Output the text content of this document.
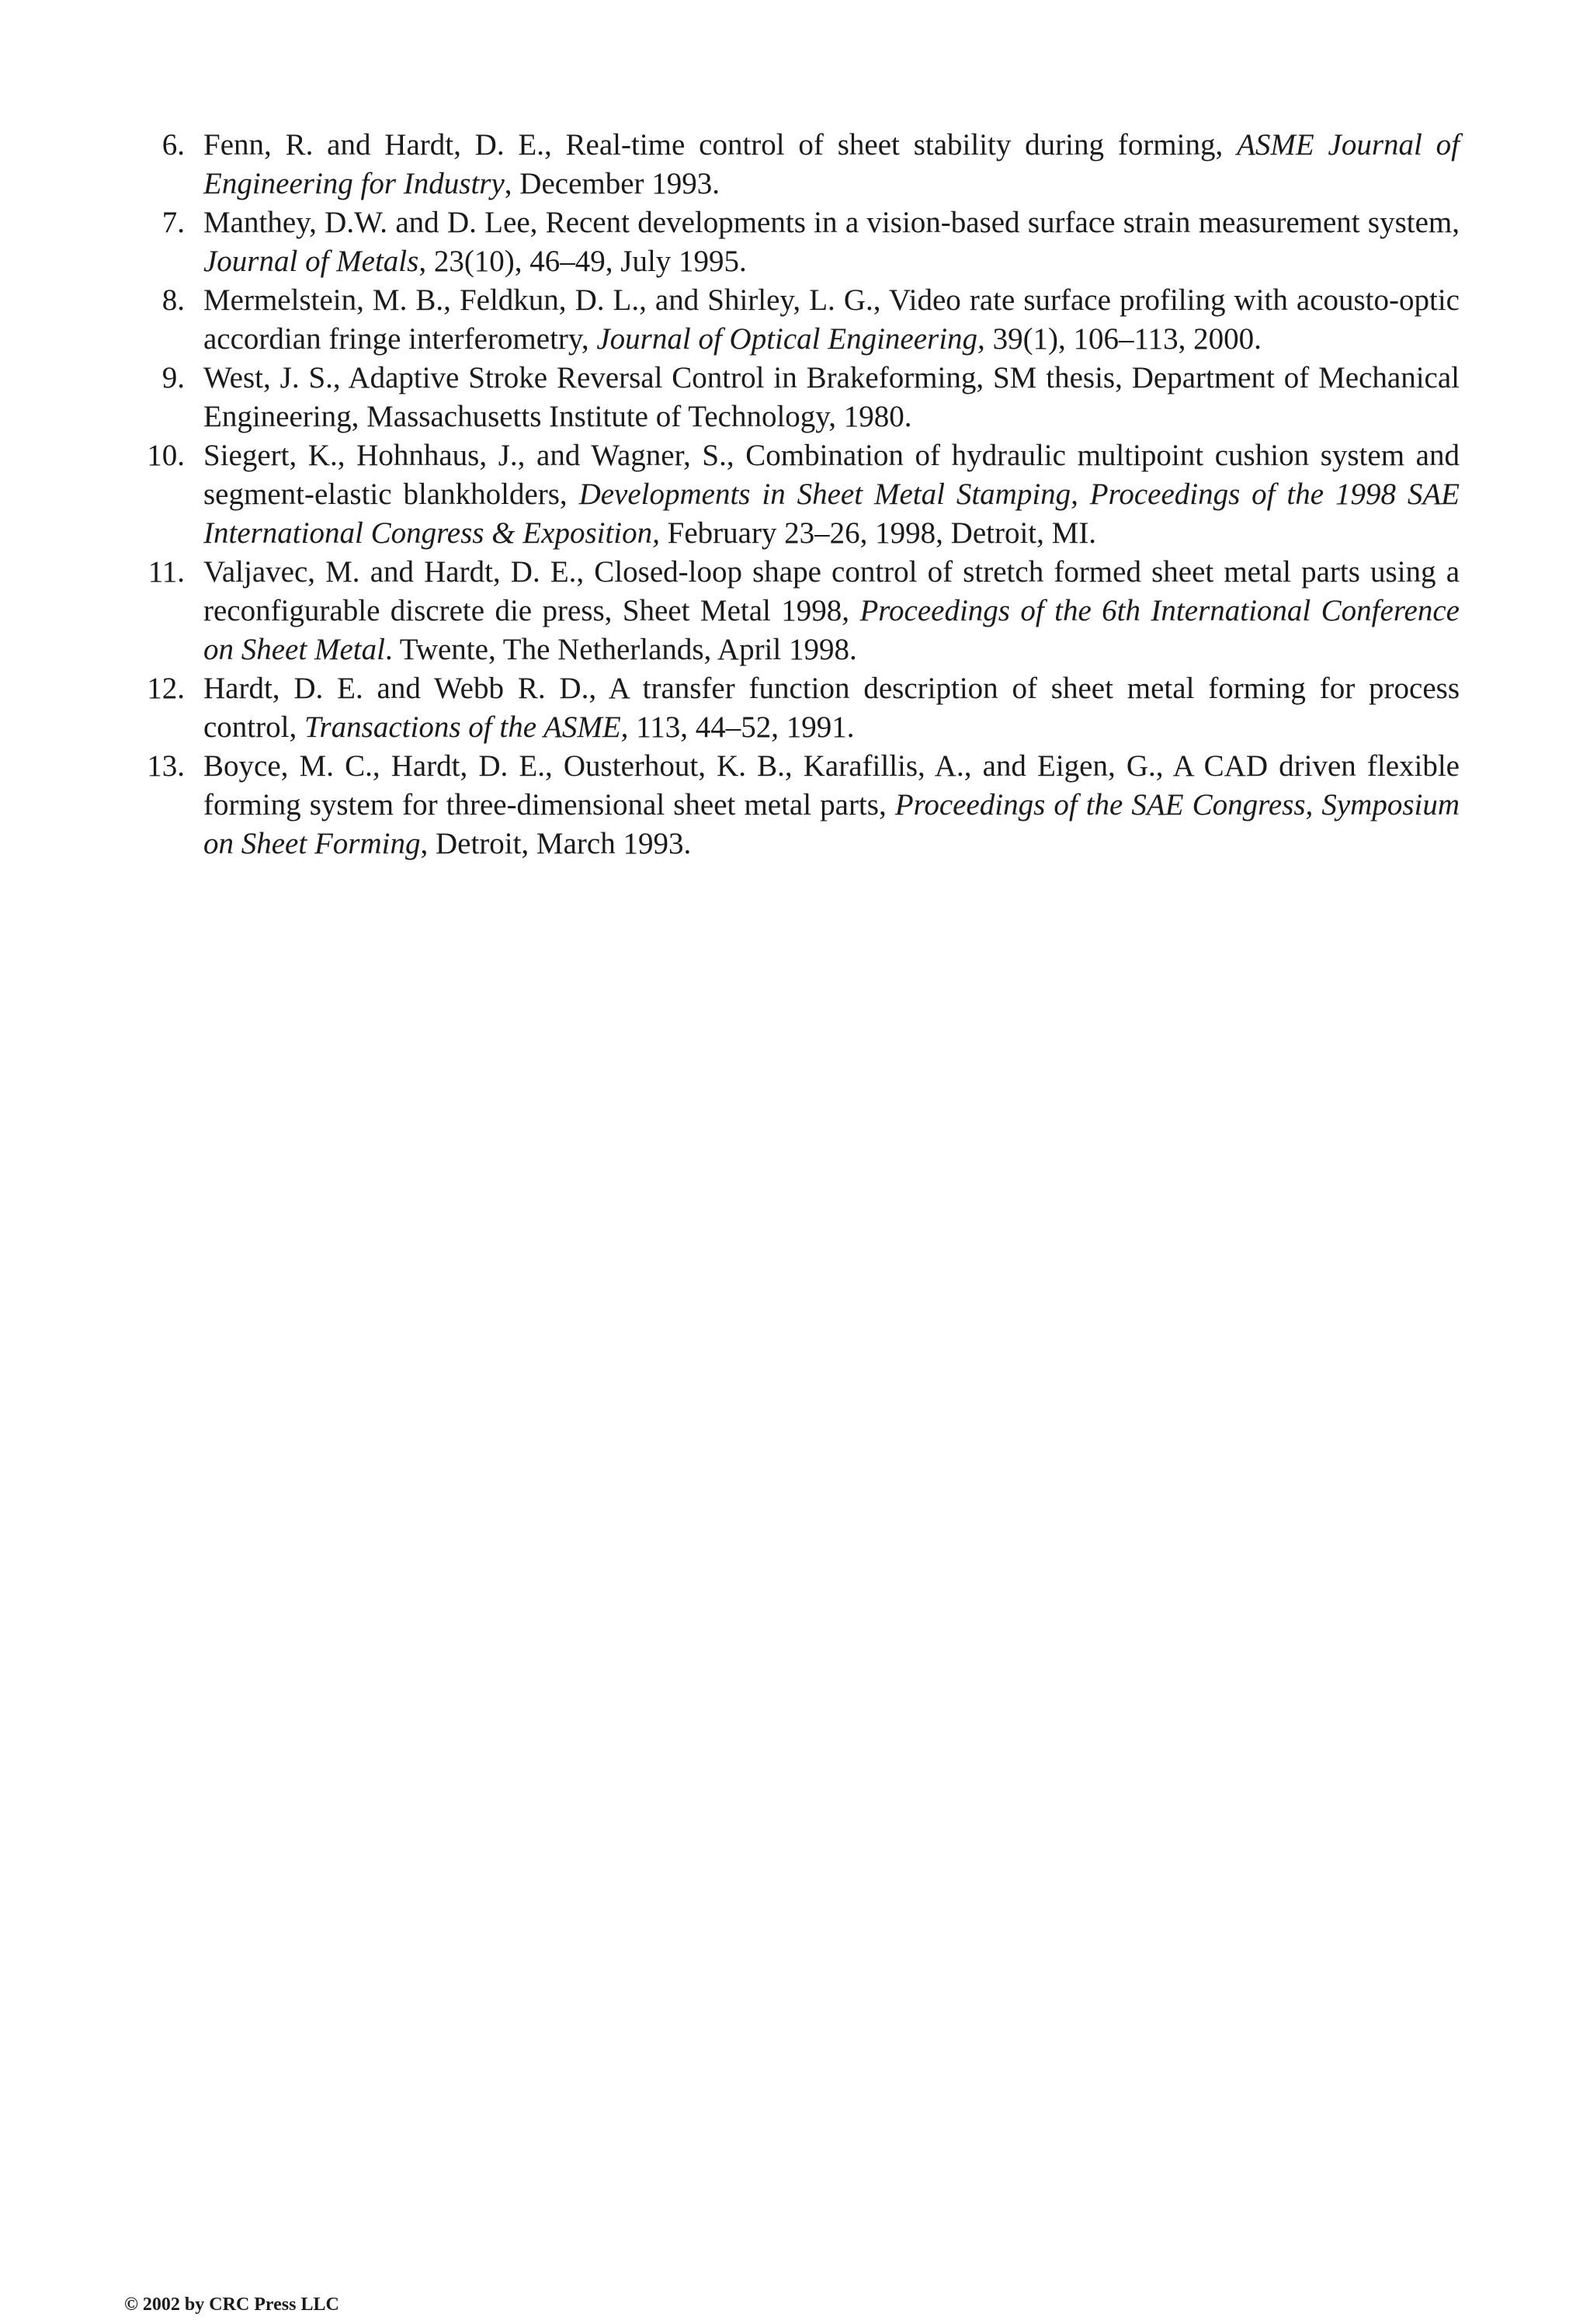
6. Fenn, R. and Hardt, D. E., Real-time control of sheet stability during forming, ASME Journal of Engineering for Industry, December 1993.
7. Manthey, D.W. and D. Lee, Recent developments in a vision-based surface strain measurement system, Journal of Metals, 23(10), 46–49, July 1995.
8. Mermelstein, M. B., Feldkun, D. L., and Shirley, L. G., Video rate surface profiling with acousto-optic accordian fringe interferometry, Journal of Optical Engineering, 39(1), 106–113, 2000.
9. West, J. S., Adaptive Stroke Reversal Control in Brakeforming, SM thesis, Department of Mechanical Engineering, Massachusetts Institute of Technology, 1980.
10. Siegert, K., Hohnhaus, J., and Wagner, S., Combination of hydraulic multipoint cushion system and segment-elastic blankholders, Developments in Sheet Metal Stamping, Proceedings of the 1998 SAE International Congress & Exposition, February 23–26, 1998, Detroit, MI.
11. Valjavec, M. and Hardt, D. E., Closed-loop shape control of stretch formed sheet metal parts using a reconfigurable discrete die press, Sheet Metal 1998, Proceedings of the 6th International Conference on Sheet Metal. Twente, The Netherlands, April 1998.
12. Hardt, D. E. and Webb R. D., A transfer function description of sheet metal forming for process control, Transactions of the ASME, 113, 44–52, 1991.
13. Boyce, M. C., Hardt, D. E., Ousterhout, K. B., Karafillis, A., and Eigen, G., A CAD driven flexible forming system for three-dimensional sheet metal parts, Proceedings of the SAE Congress, Symposium on Sheet Forming, Detroit, March 1993.
© 2002 by CRC Press LLC
